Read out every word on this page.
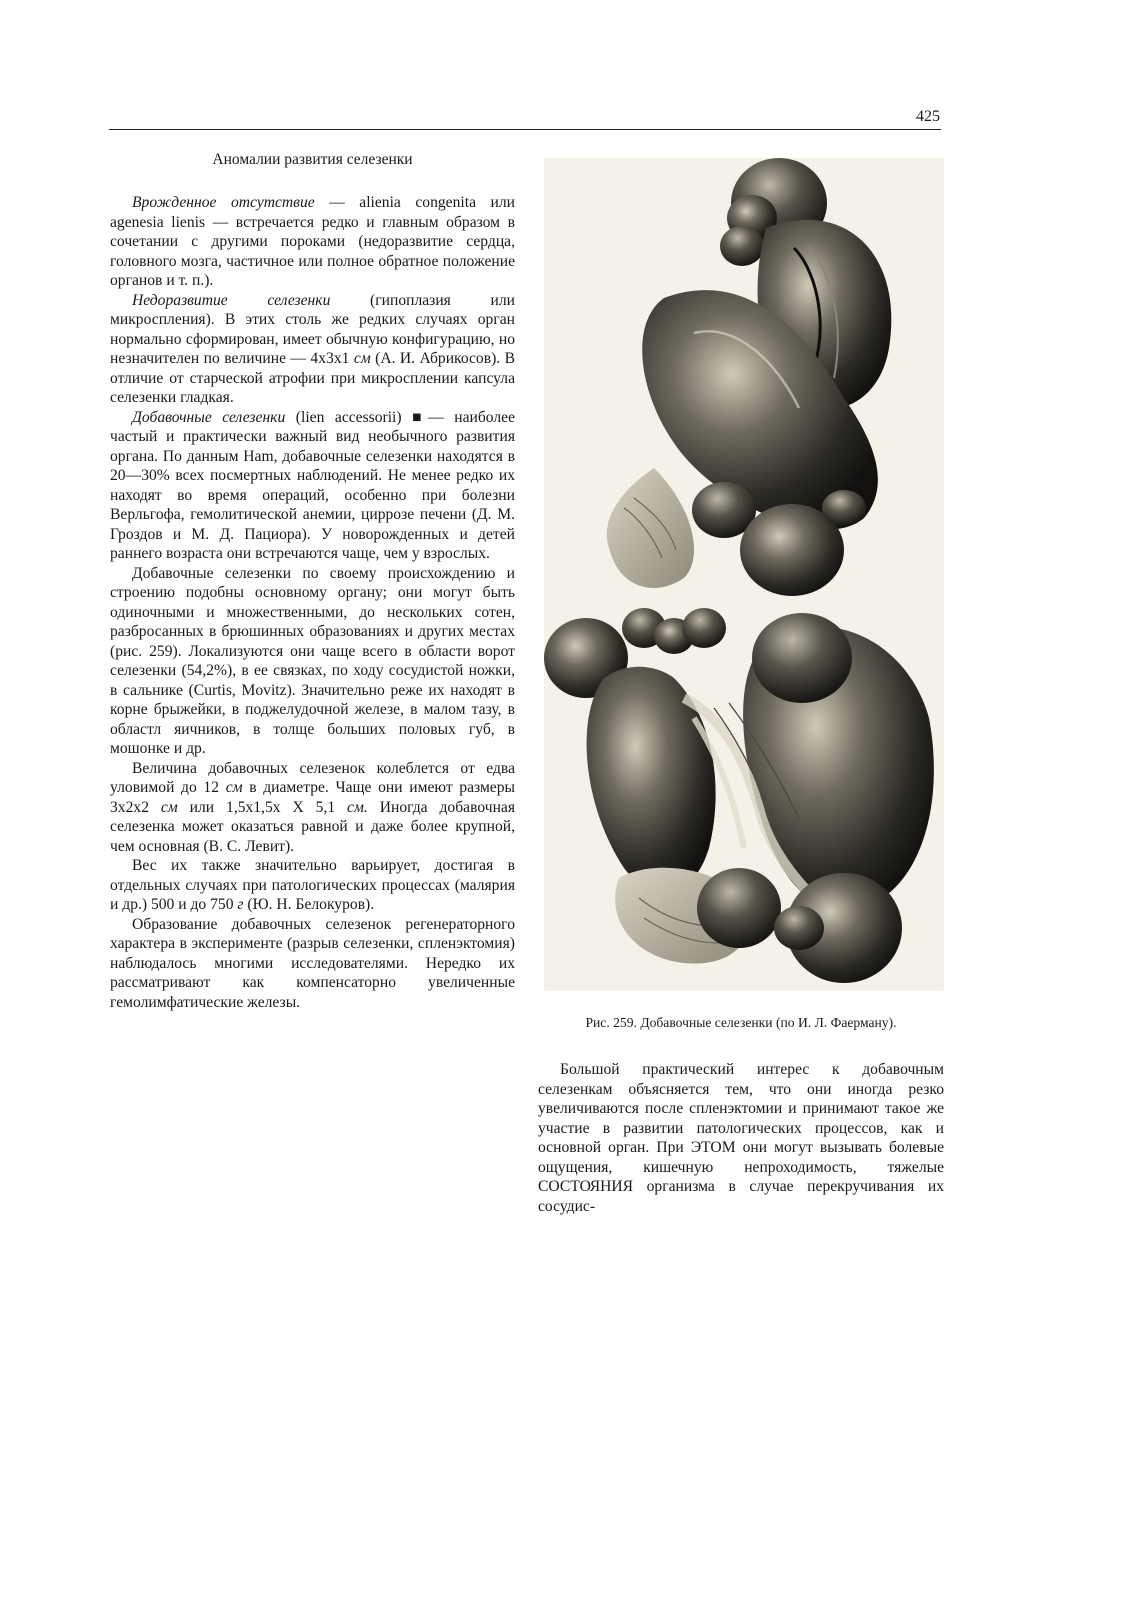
425
Аномалии развития селезенки

Врожденное отсутствие — alienia congenita или agenesia lienis — встречается редко и главным образом в сочетании с другими пороками (недоразвитие сердца, головного мозга, частичное или полное обратное положение органов и т. п.).

Недоразвитие селезенки (гипоплазия или микроспления). В этих столь же редких случаях орган нормально сформирован, имеет обычную конфигурацию, но незначителен по величине — 4x3x1 см (А. И. Абрикосов). В отличие от старческой атрофии при микросплении капсула селезенки гладкая.

Добавочные селезенки (lien accessorii) ■— наиболее частый и практически важный вид необычного развития органа. По данным Ham, добавочные селезенки находятся в 20—30% всех посмертных наблюдений. Не менее редко их находят во время операций, особенно при болезни Верльгофа, гемолитической анемии, циррозе печени (Д. М. Гроздов и М. Д. Пациора). У новорожденных и детей раннего возраста они встречаются чаще, чем у взрослых.

Добавочные селезенки по своему происхождению и строению подобны основному органу; они могут быть одиночными и множественными, до нескольких сотен, разбросанных в брюшинных образованиях и других местах (рис. 259). Локализуются они чаще всего в области ворот селезенки (54,2%), в ее связках, по ходу сосудистой ножки, в сальнике (Curtis, Movitz). Значительно реже их находят в корне брыжейки, в поджелудочной железе, в малом тазу, в областл яичников, в толще больших половых губ, в мошонке и др.

Величина добавочных селезенок колеблется от едва уловимой до 12 см в диаметре. Чаще они имеют размеры 3x2x2 см или 1,5x1,5x X 5,1 см. Иногда добавочная селезенка может оказаться равной и даже более крупной, чем основная (В. С. Левит).

Вес их также значительно варьирует, достигая в отдельных случаях при патологических процессах (малярия и др.) 500 и до 750 г (Ю. Н. Белокуров).

Образование добавочных селезенок регенераторного характера в эксперименте (разрыв селезенки, спленэктомия) наблюдалось многими исследователями. Нередко их рассматривают как компенсаторно увеличенные гемолимфатические железы.

Рис. 259. Добавочные селезенки (по И. Л. Фаерману).

Большой практический интерес к добавочным селезенкам объясняется тем, что они иногда резко увеличиваются после спленэктомии и принимают такое же участие в развитии патологических процессов, как и основной орган. При ЭТОМ они могут вызывать болевые ощущения, кишечную непроходимость, тяжелые СОСТОЯНИЯ организма в случае перекручивания их сосудис-
